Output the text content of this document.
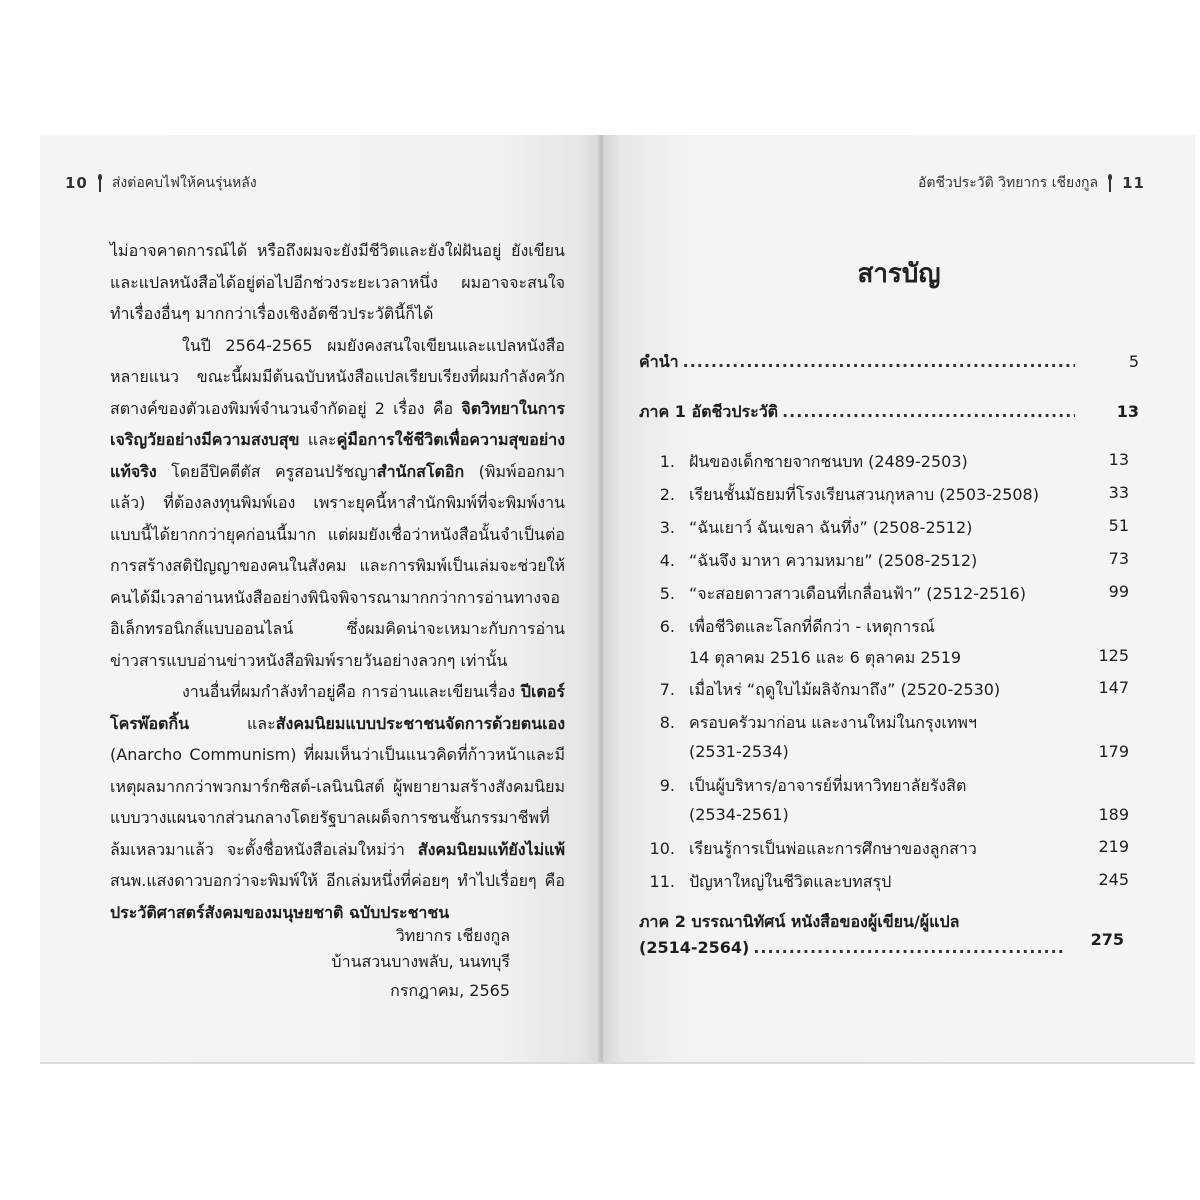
10 ส่งต่อคบไฟให้คนรุ่นหลัง

ไม่อาจคาดการณ์ได้ หรือถึงผมจะยังมีชีวิตและยังใฝ่ฝันอยู่ ยังเขียนและแปลหนังสือได้อยู่ต่อไปอีกช่วงระยะเวลาหนึ่ง ผมอาจจะสนใจทำเรื่องอื่นๆ มากกว่าเรื่องเชิงอัตชีวประวัตินี้ก็ได้

ในปี 2564-2565 ผมยังคงสนใจเขียนและแปลหนังสือหลายแนว ขณะนี้ผมมีต้นฉบับหนังสือแปลเรียบเรียงที่ผมกำลังควักสตางค์ของตัวเองพิมพ์จำนวนจำกัดอยู่ 2 เรื่อง คือ จิตวิทยาในการเจริญวัยอย่างมีความสงบสุข และคู่มือการใช้ชีวิตเพื่อความสุขอย่างแท้จริง โดยอีปิคตีตัส ครูสอนปรัชญาสำนักสโตอิก (พิมพ์ออกมาแล้ว) ที่ต้องลงทุนพิมพ์เอง เพราะยุคนี้หาสำนักพิมพ์ที่จะพิมพ์งานแบบนี้ได้ยากกว่ายุคก่อนนี้มาก แต่ผมยังเชื่อว่าหนังสือนั้นจำเป็นต่อการสร้างสติปัญญาของคนในสังคม และการพิมพ์เป็นเล่มจะช่วยให้คนได้มีเวลาอ่านหนังสืออย่างพินิจพิจารณามากกว่าการอ่านทางจออิเล็กทรอนิกส์แบบออนไลน์ ซึ่งผมคิดน่าจะเหมาะกับการอ่านข่าวสารแบบอ่านข่าวหนังสือพิมพ์รายวันอย่างลวกๆ เท่านั้น

งานอื่นที่ผมกำลังทำอยู่คือ การอ่านและเขียนเรื่อง ปีเตอร์ โครพ๊อตกิ้น และสังคมนิยมแบบประชาชนจัดการด้วยตนเอง (Anarcho Communism) ที่ผมเห็นว่าเป็นแนวคิดที่ก้าวหน้าและมีเหตุผลมากกว่าพวกมาร์กซิสต์-เลนินนิสต์ ผู้พยายามสร้างสังคมนิยมแบบวางแผนจากส่วนกลางโดยรัฐบาลเผด็จการชนชั้นกรรมาชีพที่ล้มเหลวมาแล้ว จะตั้งชื่อหนังสือเล่มใหม่ว่า สังคมนิยมแท้ยังไม่แพ้ สนพ.แสงดาวบอกว่าจะพิมพ์ให้ อีกเล่มหนึ่งที่ค่อยๆ ทำไปเรื่อยๆ คือ ประวัติศาสตร์สังคมของมนุษยชาติ ฉบับประชาชน

วิทยากร เชียงกูล
บ้านสวนบางพลับ, นนทบุรี
กรกฎาคม, 2565
อัตชีวประวัติ วิทยากร เชียงกูล 11
สารบัญ
คำนำ .....	5
ภาค 1 อัตชีวประวัติ .....	13
1. ฝันของเด็กชายจากชนบท (2489-2503)	13
2. เรียนชั้นมัธยมที่โรงเรียนสวนกุหลาบ (2503-2508)	33
3. “ฉันเยาว์ ฉันเขลา ฉันทึ่ง” (2508-2512)	51
4. “ฉันจึง มาหา ความหมาย” (2508-2512)	73
5. “จะสอยดาวสาวเดือนที่เกลื่อนฟ้า” (2512-2516)	99
6. เพื่อชีวิตและโลกที่ดีกว่า - เหตุการณ์
14 ตุลาคม 2516 และ 6 ตุลาคม 2519	125
7. เมื่อไหร่ “ฤดูใบไม้ผลิจักมาถึง” (2520-2530)	147
8. ครอบครัวมาก่อน และงานใหม่ในกรุงเทพฯ
(2531-2534)	179
9. เป็นผู้บริหาร/อาจารย์ที่มหาวิทยาลัยรังสิต
(2534-2561)	189
10. เรียนรู้การเป็นพ่อและการศึกษาของลูกสาว	219
11. ปัญหาใหญ่ในชีวิตและบทสรุป	245
ภาค 2 บรรณานิทัศน์ หนังสือของผู้เขียน/ผู้แปล
(2514-2564) .....	275
